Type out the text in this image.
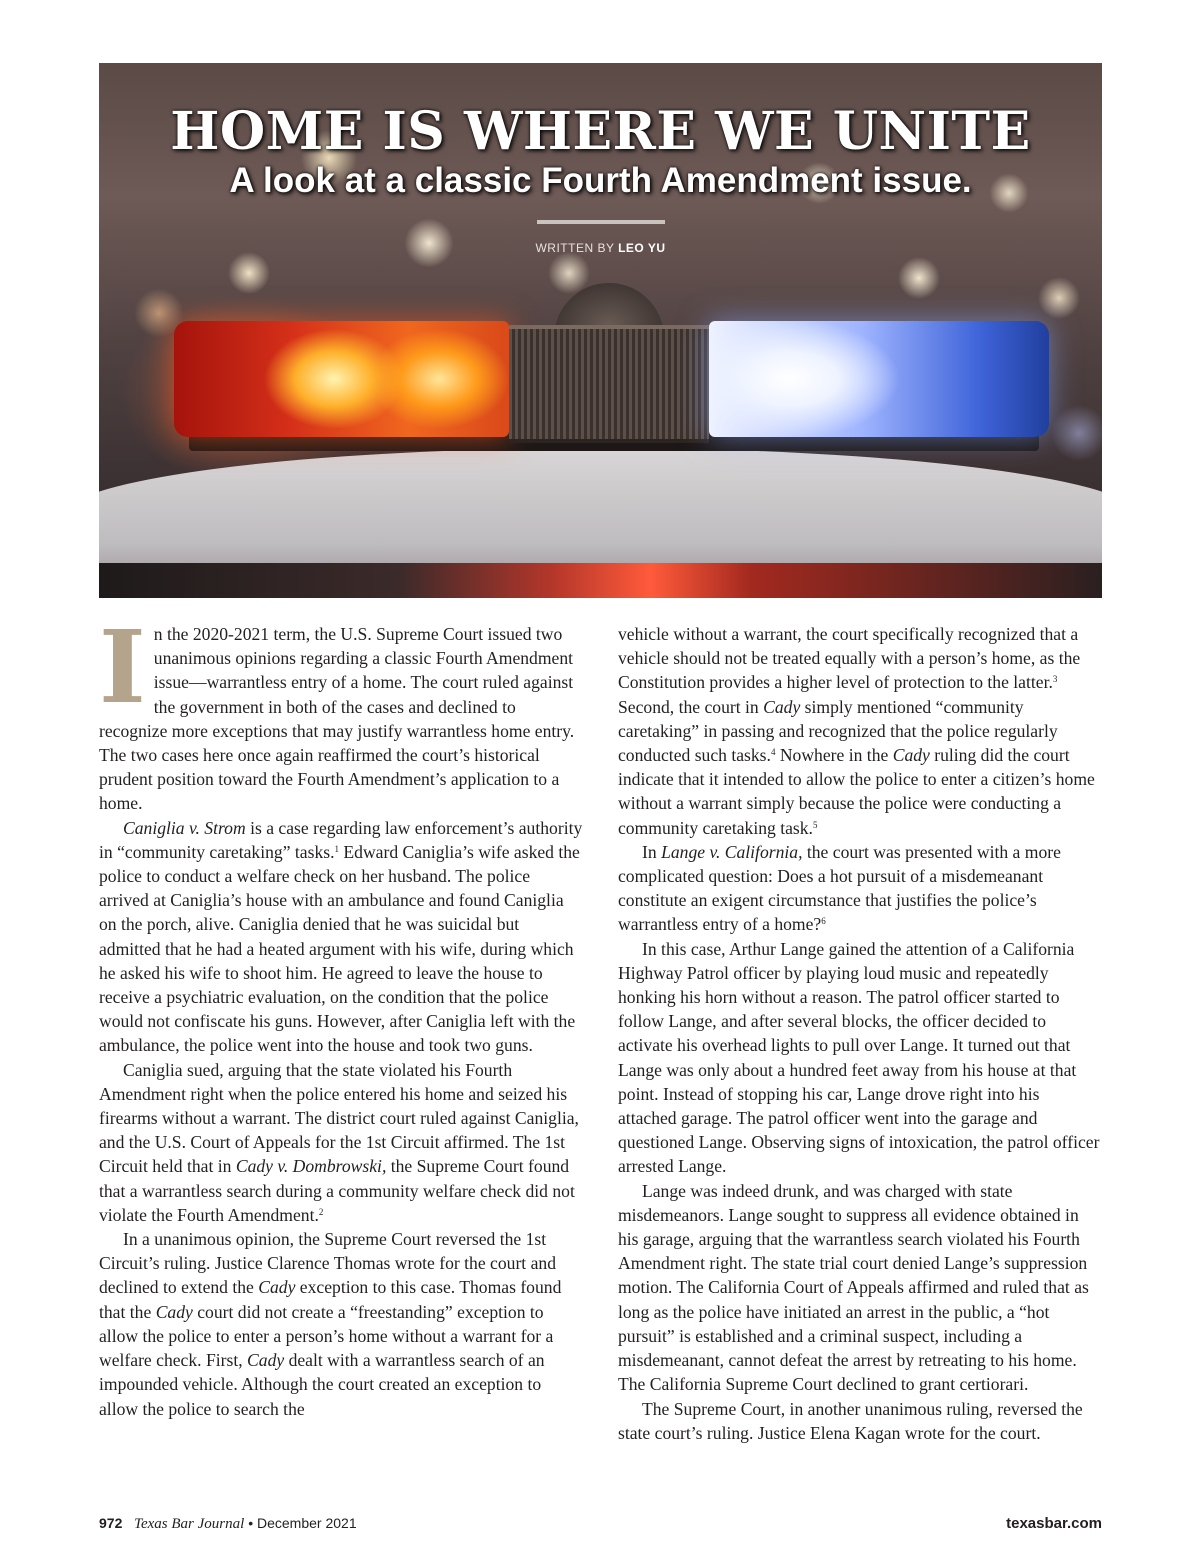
HOME IS WHERE WE UNITE
A look at a classic Fourth Amendment issue.
WRITTEN BY LEO YU

In the 2020-2021 term, the U.S. Supreme Court issued two unanimous opinions regarding a classic Fourth Amendment issue—warrantless entry of a home. The court ruled against the government in both of the cases and declined to recognize more exceptions that may justify warrantless home entry. The two cases here once again reaffirmed the court’s historical prudent position toward the Fourth Amendment’s application to a home.

Caniglia v. Strom is a case regarding law enforcement’s authority in “community caretaking” tasks.$^1$ Edward Caniglia’s wife asked the police to conduct a welfare check on her husband. The police arrived at Caniglia’s house with an ambulance and found Caniglia on the porch, alive. Caniglia denied that he was suicidal but admitted that he had a heated argument with his wife, during which he asked his wife to shoot him. He agreed to leave the house to receive a psychiatric evaluation, on the condition that the police would not confiscate his guns. However, after Caniglia left with the ambulance, the police went into the house and took two guns.

Caniglia sued, arguing that the state violated his Fourth Amendment right when the police entered his home and seized his firearms without a warrant. The district court ruled against Caniglia, and the U.S. Court of Appeals for the 1st Circuit affirmed. The 1st Circuit held that in Cady v. Dombrowski, the Supreme Court found that a warrantless search during a community welfare check did not violate the Fourth Amendment.$^2$

In a unanimous opinion, the Supreme Court reversed the 1st Circuit’s ruling. Justice Clarence Thomas wrote for the court and declined to extend the Cady exception to this case. Thomas found that the Cady court did not create a “freestanding” exception to allow the police to enter a person’s home without a warrant for a welfare check. First, Cady dealt with a warrantless search of an impounded vehicle. Although the court created an exception to allow the police to search the

vehicle without a warrant, the court specifically recognized that a vehicle should not be treated equally with a person’s home, as the Constitution provides a higher level of protection to the latter.$^3$ Second, the court in Cady simply mentioned “community caretaking” in passing and recognized that the police regularly conducted such tasks.$^4$ Nowhere in the Cady ruling did the court indicate that it intended to allow the police to enter a citizen’s home without a warrant simply because the police were conducting a community caretaking task.$^5$

In Lange v. California, the court was presented with a more complicated question: Does a hot pursuit of a misdemeanant constitute an exigent circumstance that justifies the police’s warrantless entry of a home?$^6$

In this case, Arthur Lange gained the attention of a California Highway Patrol officer by playing loud music and repeatedly honking his horn without a reason. The patrol officer started to follow Lange, and after several blocks, the officer decided to activate his overhead lights to pull over Lange. It turned out that Lange was only about a hundred feet away from his house at that point. Instead of stopping his car, Lange drove right into his attached garage. The patrol officer went into the garage and questioned Lange. Observing signs of intoxication, the patrol officer arrested Lange.

Lange was indeed drunk, and was charged with state misdemeanors. Lange sought to suppress all evidence obtained in his garage, arguing that the warrantless search violated his Fourth Amendment right. The state trial court denied Lange’s suppression motion. The California Court of Appeals affirmed and ruled that as long as the police have initiated an arrest in the public, a “hot pursuit” is established and a criminal suspect, including a misdemeanant, cannot defeat the arrest by retreating to his home. The California Supreme Court declined to grant certiorari.

The Supreme Court, in another unanimous ruling, reversed the state court’s ruling. Justice Elena Kagan wrote for the court.

972 Texas Bar Journal • December 2021	texasbar.com
